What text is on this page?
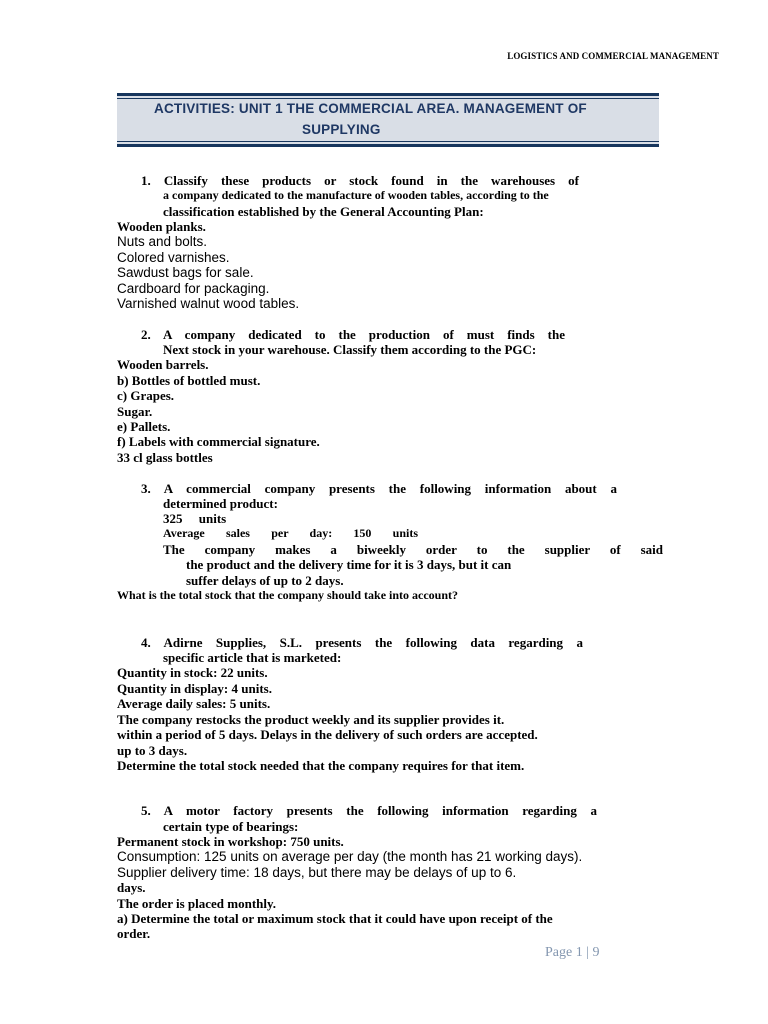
LOGISTICS AND COMMERCIAL MANAGEMENT
ACTIVITIES: UNIT 1 THE COMMERCIAL AREA. MANAGEMENT OF
SUPPLYING
1. Classify these products or stock found in the warehouses of
a company dedicated to the manufacture of wooden tables, according to the
classification established by the General Accounting Plan:
Wooden planks.
Nuts and bolts.
Colored varnishes.
Sawdust bags for sale.
Cardboard for packaging.
Varnished walnut wood tables.
2. A company dedicated to the production of must finds the
Next stock in your warehouse. Classify them according to the PGC:
Wooden barrels.
b) Bottles of bottled must.
c) Grapes.
Sugar.
e) Pallets.
f) Labels with commercial signature.
33 cl glass bottles
3. A commercial company presents the following information about a
determined product:
325     units
Average sales per day: 150 units
The company makes a biweekly order to the supplier of said
the product and the delivery time for it is 3 days, but it can
suffer delays of up to 2 days.
What is the total stock that the company should take into account?
4. Adirne Supplies, S.L. presents the following data regarding a
specific article that is marketed:
Quantity in stock: 22 units.
Quantity in display: 4 units.
Average daily sales: 5 units.
The company restocks the product weekly and its supplier provides it.
within a period of 5 days. Delays in the delivery of such orders are accepted.
up to 3 days.
Determine the total stock needed that the company requires for that item.
5. A motor factory presents the following information regarding a
certain type of bearings:
Permanent stock in workshop: 750 units.
Consumption: 125 units on average per day (the month has 21 working days).
Supplier delivery time: 18 days, but there may be delays of up to 6.
days.
The order is placed monthly.
a) Determine the total or maximum stock that it could have upon receipt of the
order.
Page 1 | 9
